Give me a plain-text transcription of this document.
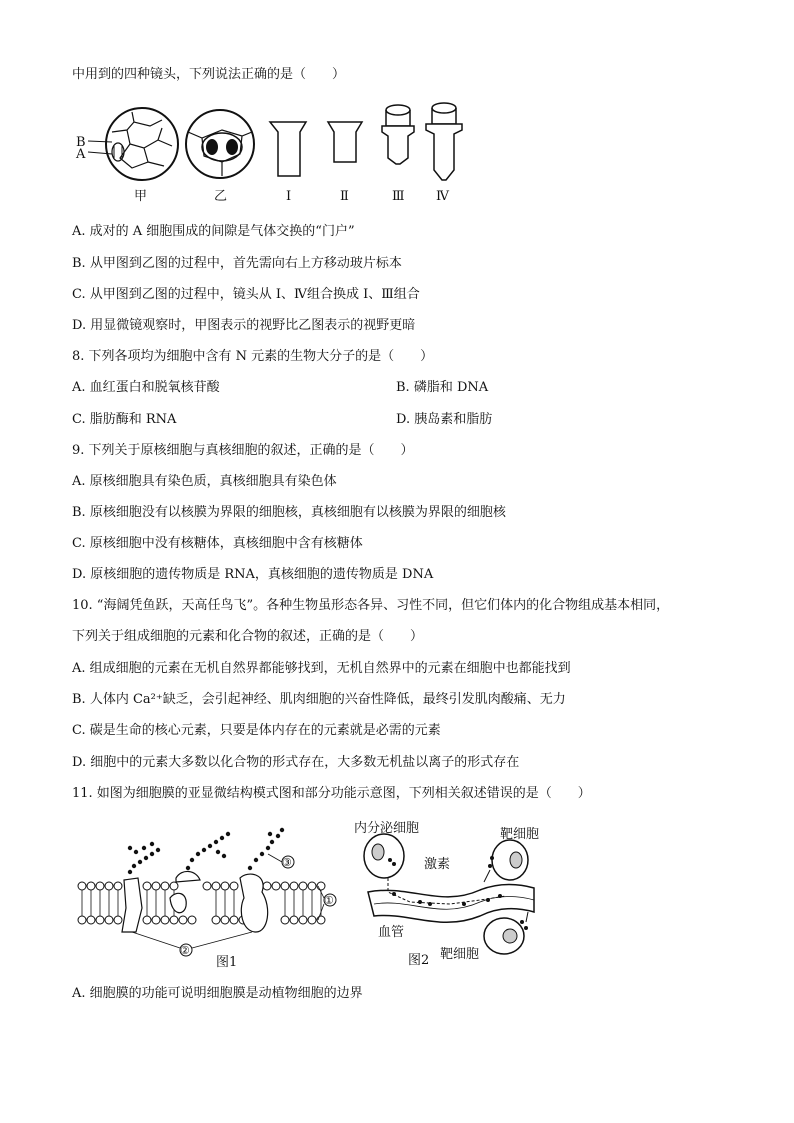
中用到的四种镜头，下列说法正确的是（　　）
B
A
甲	乙	Ⅰ	Ⅱ	Ⅲ Ⅳ
A. 成对的 A 细胞围成的间隙是气体交换的“门户”
B. 从甲图到乙图的过程中，首先需向右上方移动玻片标本
C. 从甲图到乙图的过程中，镜头从 Ⅰ、Ⅳ组合换成 Ⅰ、Ⅲ组合
D. 用显微镜观察时，甲图表示的视野比乙图表示的视野更暗
8. 下列各项均为细胞中含有 N 元素的生物大分子的是（　　）
A. 血红蛋白和脱氧核苷酸	B. 磷脂和 DNA
C. 脂肪酶和 RNA	D. 胰岛素和脂肪
9. 下列关于原核细胞与真核细胞的叙述，正确的是（　　）
A. 原核细胞具有染色质，真核细胞具有染色体
B. 原核细胞没有以核膜为界限的细胞核，真核细胞有以核膜为界限的细胞核
C. 原核细胞中没有核糖体，真核细胞中含有核糖体
D. 原核细胞的遗传物质是 RNA，真核细胞的遗传物质是 DNA
10. “海阔凭鱼跃，天高任鸟飞”。各种生物虽形态各异、习性不同，但它们体内的化合物组成基本相同，
下列关于组成细胞的元素和化合物的叙述，正确的是（　　）
A. 组成细胞的元素在无机自然界都能够找到，无机自然界中的元素在细胞中也都能找到
B. 人体内 Ca²⁺缺乏，会引起神经、肌肉细胞的兴奋性降低，最终引发肌肉酸痛、无力
C. 碳是生命的核心元素，只要是体内存在的元素就是必需的元素
D. 细胞中的元素大多数以化合物的形式存在，大多数无机盐以离子的形式存在
11. 如图为细胞膜的亚显微结构模式图和部分功能示意图，下列相关叙述错误的是（　　）
③
①
②
图1
内分泌细胞	靶细胞
激素
血管
靶细胞
图2
A. 细胞膜的功能可说明细胞膜是动植物细胞的边界
